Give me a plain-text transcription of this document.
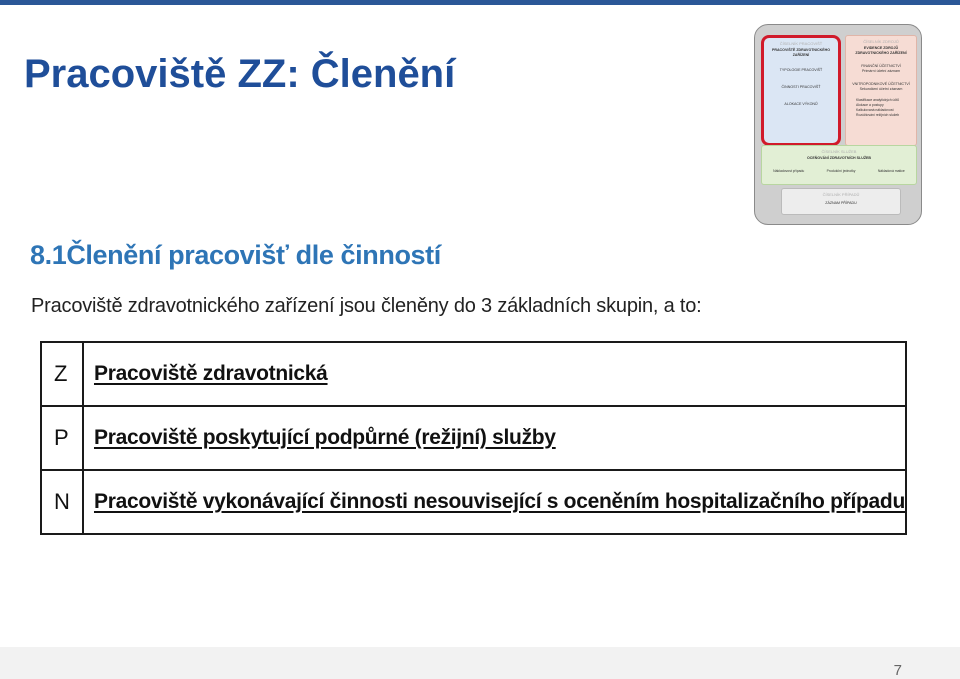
Pracoviště ZZ: Členění
ČÍSELNÍK PRACOVIŠŤ
PRACOVIŠTĚ ZDRAVOTNICKÉHO ZAŘÍZENÍ
TYPOLOGIE PRACOVIŠŤ
ČINNOSTI PRACOVIŠŤ
ALOKACE VÝKONŮ
ČÍSELNÍK ZDROJŮ
EVIDENCE ZDROJŮ ZDRAVOTNICKÉHO ZAŘÍZENÍ
FINANČNÍ ÚČETNICTVÍ
Primární účetní záznam
VNITROPODNIKOVÉ ÚČETNICTVÍ
Sekundární účetní záznam
Klasifikace analytických účtů
Alokace a postupy
Kalkulovaná nákladovost
Rozúčtování režijních služeb
ČÍSELNÍK SLUŽEB
OCEŇOVÁNÍ ZDRAVOTNÍCH SLUŽEB
Nákladovost případu	Produkční jednotky	Nákladová matice
ČÍSELNÍK PŘÍPADŮ
ZÁZNAM PŘÍPADU
8.1Členění pracovišť dle činností

Pracoviště zdravotnického zařízení jsou členěny do 3 základních skupin, a to:

Z	Pracoviště zdravotnická
P	Pracoviště poskytující podpůrné (režijní) služby
N	Pracoviště vykonávající činnosti nesouvisející s oceněním hospitalizačního případu
7
